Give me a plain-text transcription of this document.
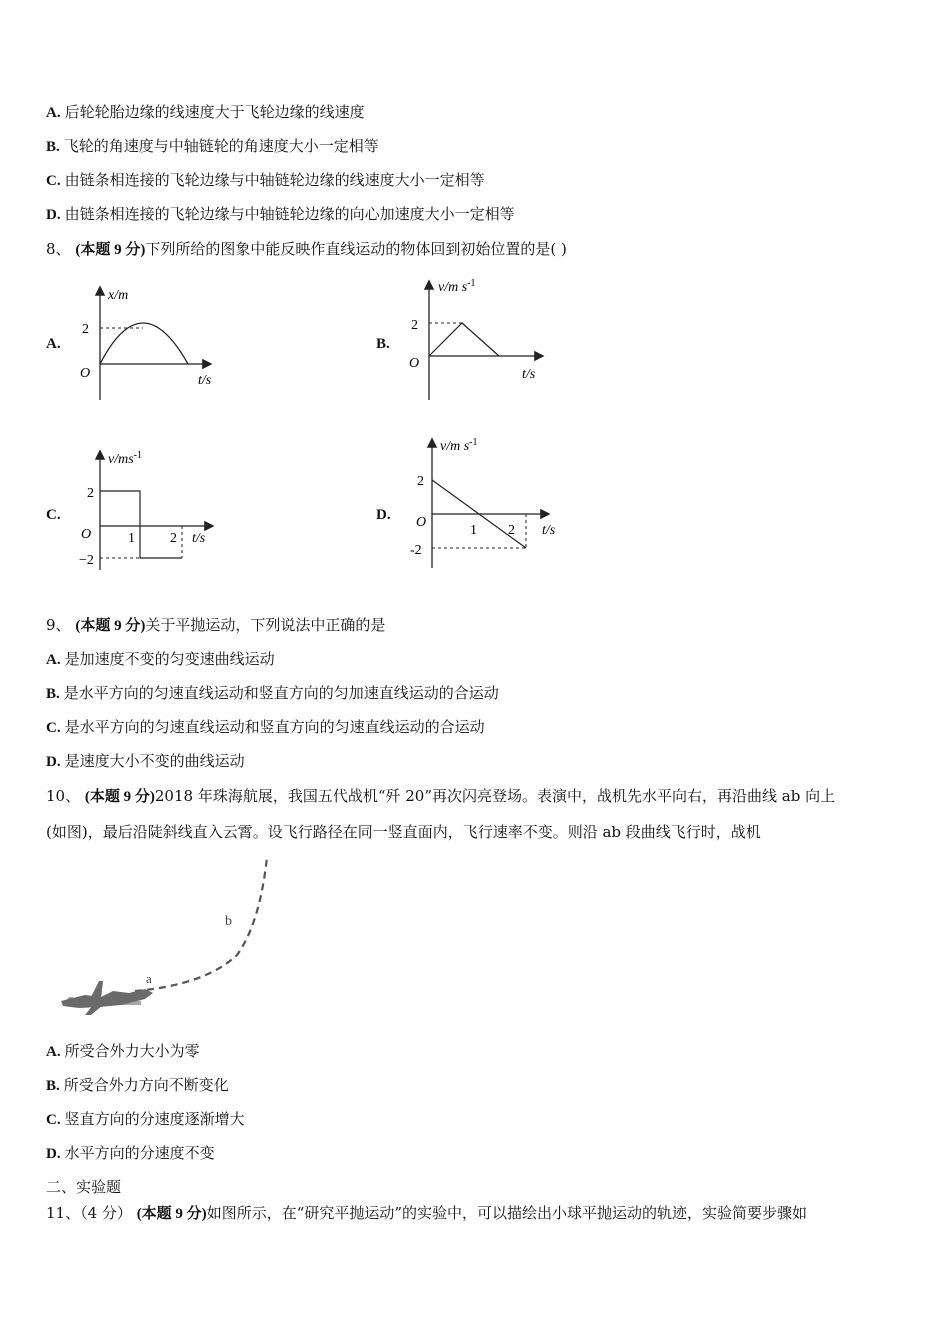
A. 后轮轮胎边缘的线速度大于飞轮边缘的线速度
B. 飞轮的角速度与中轴链轮的角速度大小一定相等
C. 由链条相连接的飞轮边缘与中轴链轮边缘的线速度大小一定相等
D. 由链条相连接的飞轮边缘与中轴链轮边缘的向心加速度大小一定相等
8、 (本题 9 分)下列所给的图象中能反映作直线运动的物体回到初始位置的是( )
A.
x/m
2
O	t/s
B.
v/m $s^{-1}$
2
O
t/s
C.
$v/ms^{-1}$
2
−2
O	1	2 t/s
D.
v/m $s^{-1}$
2
-2
O
1 2 t/s
9、 (本题 9 分)关于平抛运动，下列说法中正确的是
A. 是加速度不变的匀变速曲线运动
B. 是水平方向的匀速直线运动和竖直方向的匀加速直线运动的合运动
C. 是水平方向的匀速直线运动和竖直方向的匀速直线运动的合运动
D. 是速度大小不变的曲线运动
10、 (本题 9 分)2018 年珠海航展，我国五代战机“歼 20”再次闪亮登场。表演中，战机先水平向右，再沿曲线 ab 向上
(如图)，最后沿陡斜线直入云霄。设飞行路径在同一竖直面内，飞行速率不变。则沿 ab 段曲线飞行时，战机
b
a
A. 所受合外力大小为零
B. 所受合外力方向不断变化
C. 竖直方向的分速度逐渐增大
D. 水平方向的分速度不变
二、实验题
11、（4 分） (本题 9 分)如图所示，在“研究平抛运动”的实验中，可以描绘出小球平抛运动的轨迹，实验简要步骤如
